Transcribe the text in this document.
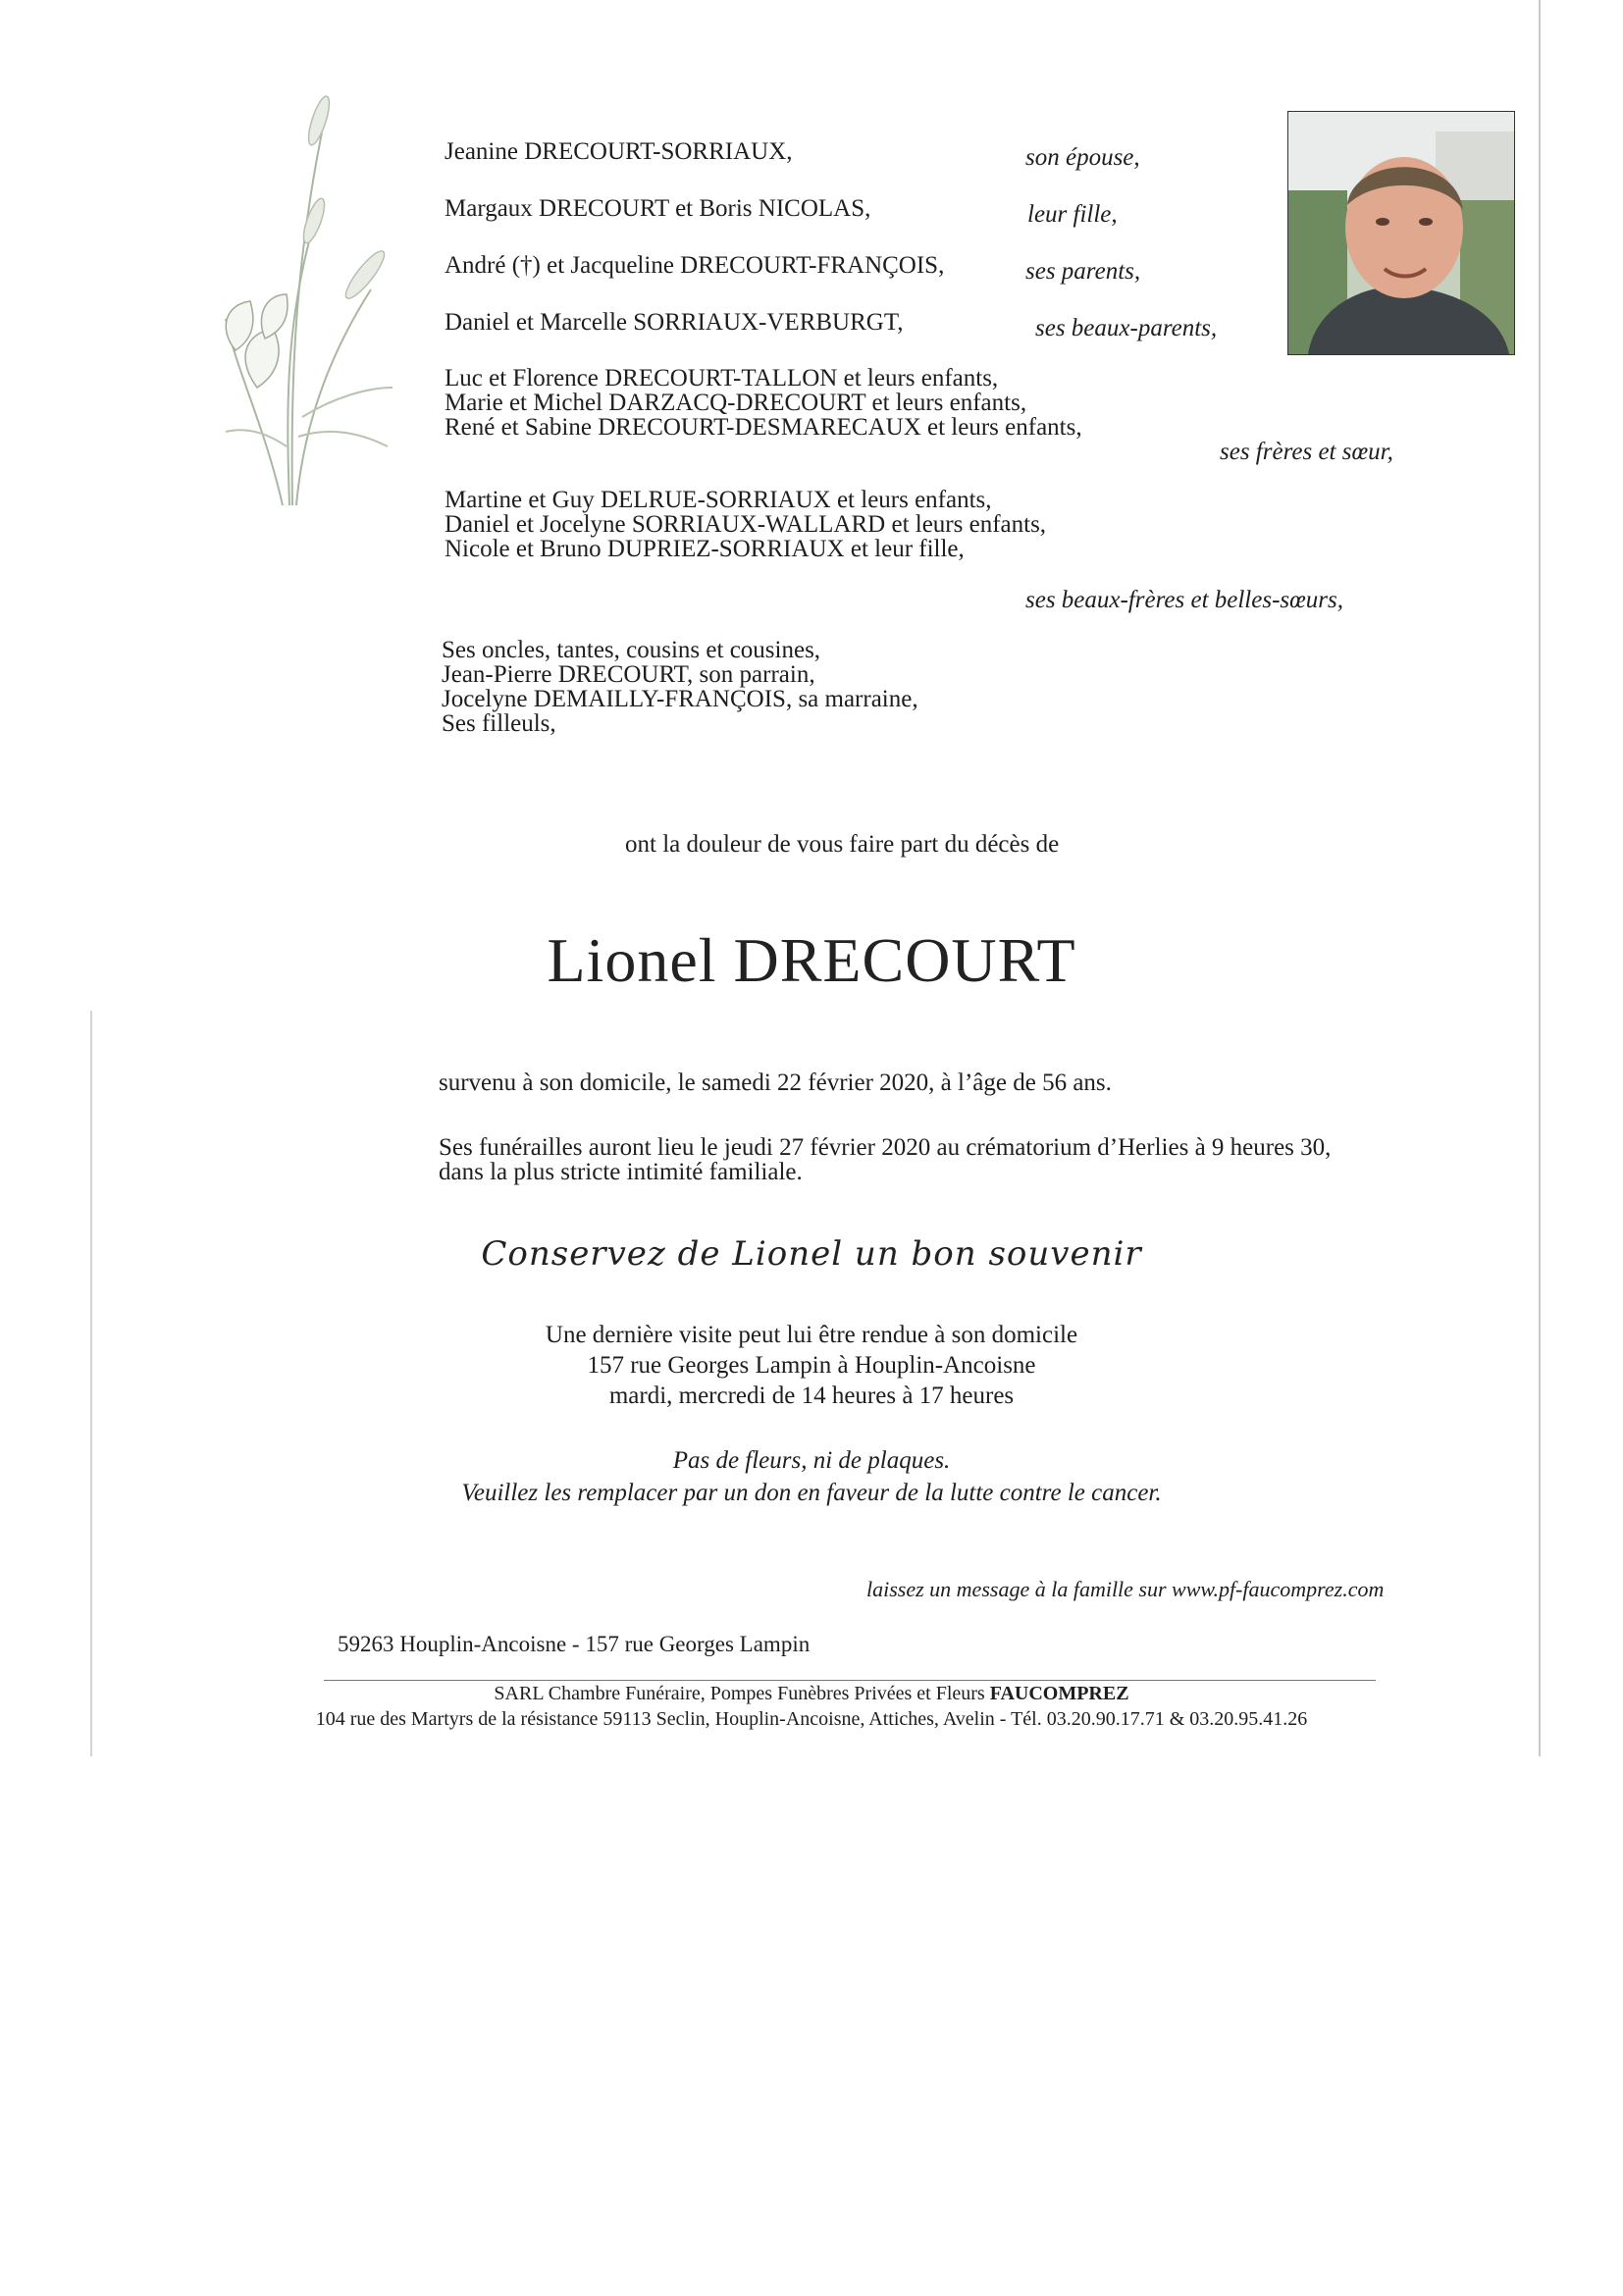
Jeanine DRECOURT-SORRIAUX,	son épouse,
Margaux DRECOURT et Boris NICOLAS,	leur fille,
André (†) et Jacqueline DRECOURT-FRANÇOIS,	ses parents,
Daniel et Marcelle SORRIAUX-VERBURGT,	ses beaux-parents,
Luc et Florence DRECOURT-TALLON et leurs enfants,
Marie et Michel DARZACQ-DRECOURT et leurs enfants,
René et Sabine DRECOURT-DESMARECAUX et leurs enfants,
ses frères et sœur,
Martine et Guy DELRUE-SORRIAUX et leurs enfants,
Daniel et Jocelyne SORRIAUX-WALLARD et leurs enfants,
Nicole et Bruno DUPRIEZ-SORRIAUX et leur fille,
ses beaux-frères et belles-sœurs,
Ses oncles, tantes, cousins et cousines,
Jean-Pierre DRECOURT, son parrain,
Jocelyne DEMAILLY-FRANÇOIS, sa marraine,
Ses filleuls,
ont la douleur de vous faire part du décès de
Lionel DRECOURT
survenu à son domicile, le samedi 22 février 2020, à l’âge de 56 ans.
Ses funérailles auront lieu le jeudi 27 février 2020 au crématorium d’Herlies à 9 heures 30,
dans la plus stricte intimité familiale.
Conservez de Lionel un bon souvenir
Une dernière visite peut lui être rendue à son domicile
157 rue Georges Lampin à Houplin-Ancoisne
mardi, mercredi de 14 heures à 17 heures
Pas de fleurs, ni de plaques.
Veuillez les remplacer par un don en faveur de la lutte contre le cancer.
laissez un message à la famille sur www.pf-faucomprez.com
59263 Houplin-Ancoisne - 157 rue Georges Lampin
SARL Chambre Funéraire, Pompes Funèbres Privées et Fleurs FAUCOMPREZ
104 rue des Martyrs de la résistance 59113 Seclin, Houplin-Ancoisne, Attiches, Avelin - Tél. 03.20.90.17.71 & 03.20.95.41.26
